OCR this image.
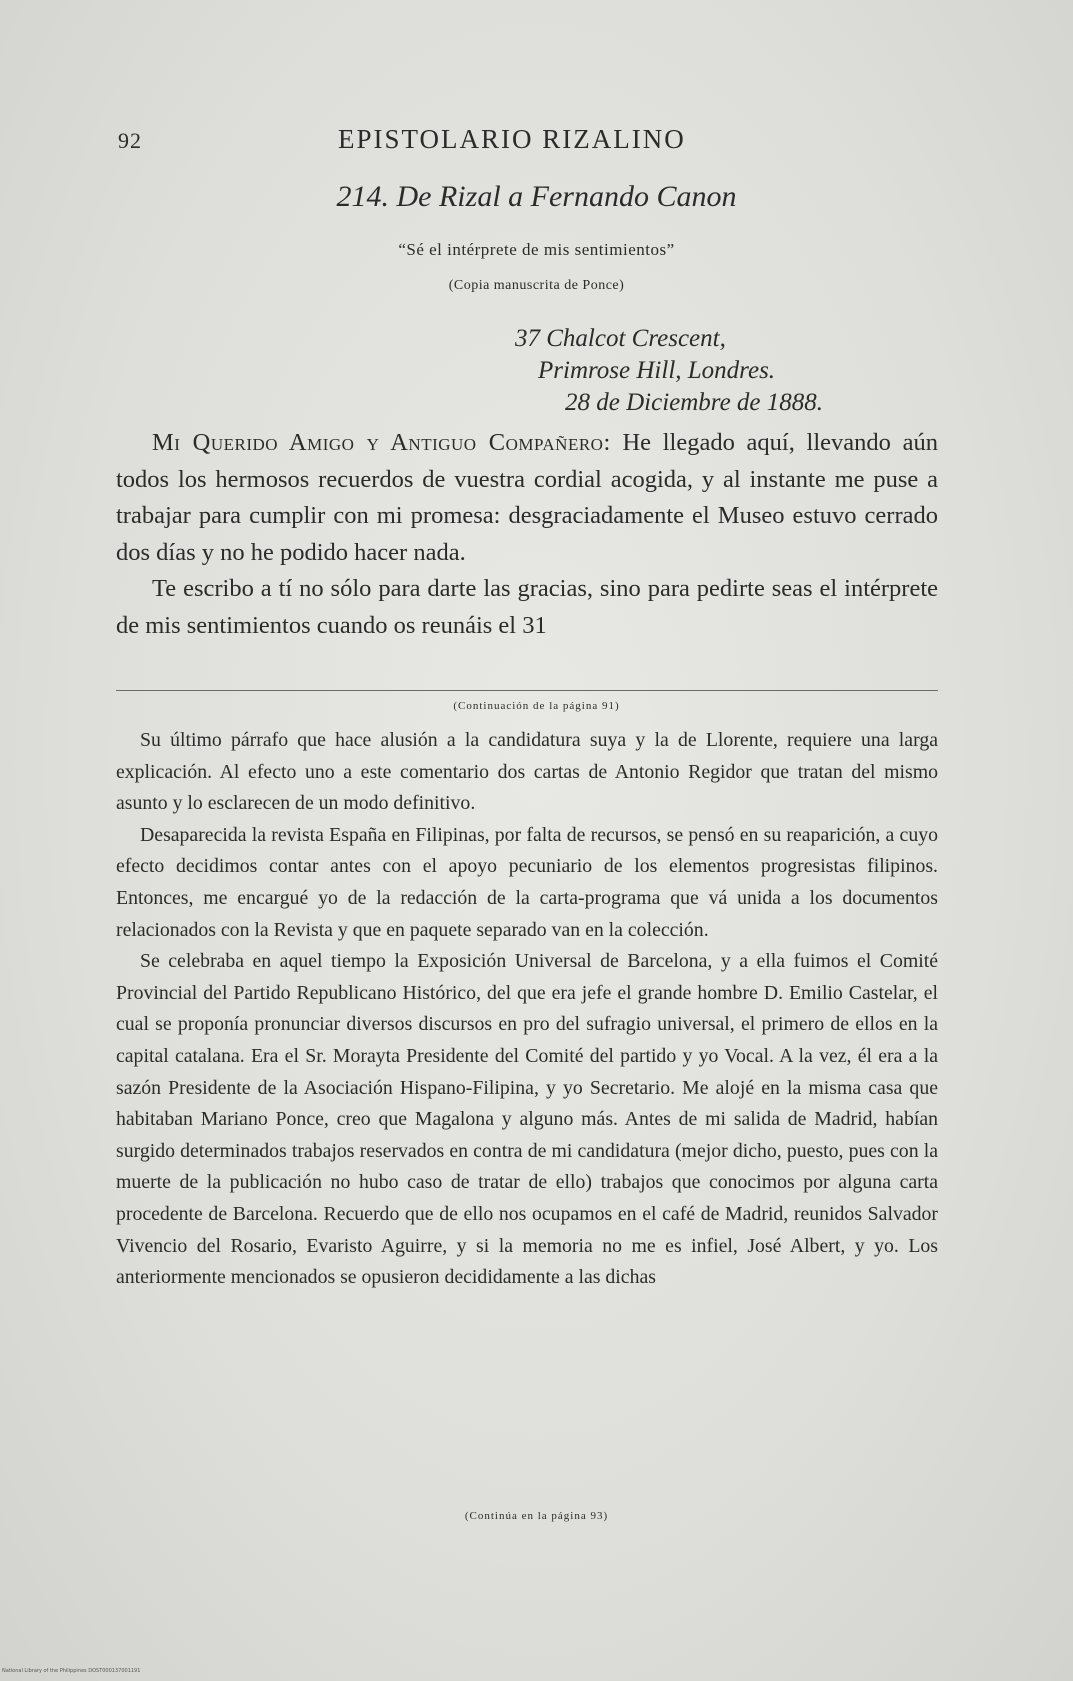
92	EPISTOLARIO RIZALINO
214. De Rizal a Fernando Canon
“Sé el intérprete de mis sentimientos”
(Copia manuscrita de Ponce)
37 Chalcot Crescent,
Primrose Hill, Londres.
28 de Diciembre de 1888.

Mi Querido Amigo y Antiguo Compañero: He llegado aquí, llevando aún todos los hermosos recuerdos de vuestra cordial acogida, y al instante me puse a trabajar para cumplir con mi promesa: desgraciadamente el Museo estuvo cerrado dos días y no he podido hacer nada.

Te escribo a tí no sólo para darte las gracias, sino para pedirte seas el intérprete de mis sentimientos cuando os reunáis el 31

(Continuación de la página 91)

Su último párrafo que hace alusión a la candidatura suya y la de Llorente, requiere una larga explicación. Al efecto uno a este comentario dos cartas de Antonio Regidor que tratan del mismo asunto y lo esclarecen de un modo definitivo.

Desaparecida la revista España en Filipinas, por falta de recursos, se pensó en su reaparición, a cuyo efecto decidimos contar antes con el apoyo pecuniario de los elementos progresistas filipinos. Entonces, me encargué yo de la redacción de la carta-programa que vá unida a los documentos relacionados con la Revista y que en paquete separado van en la colección.

Se celebraba en aquel tiempo la Exposición Universal de Barcelona, y a ella fuimos el Comité Provincial del Partido Republicano Histórico, del que era jefe el grande hombre D. Emilio Castelar, el cual se proponía pronunciar diversos discursos en pro del sufragio universal, el primero de ellos en la capital catalana. Era el Sr. Morayta Presidente del Comité del partido y yo Vocal. A la vez, él era a la sazón Presidente de la Asociación Hispano-Filipina, y yo Secretario. Me alojé en la misma casa que habitaban Mariano Ponce, creo que Magalona y alguno más. Antes de mi salida de Madrid, habían surgido determinados trabajos reservados en contra de mi candidatura (mejor dicho, puesto, pues con la muerte de la publicación no hubo caso de tratar de ello) trabajos que conocimos por alguna carta procedente de Barcelona. Recuerdo que de ello nos ocupamos en el café de Madrid, reunidos Salvador Vivencio del Rosario, Evaristo Aguirre, y si la memoria no me es infiel, José Albert, y yo. Los anteriormente mencionados se opusieron decididamente a las dichas

(Continúa en la página 93)
National Library of the Philippines DOST000137001191
